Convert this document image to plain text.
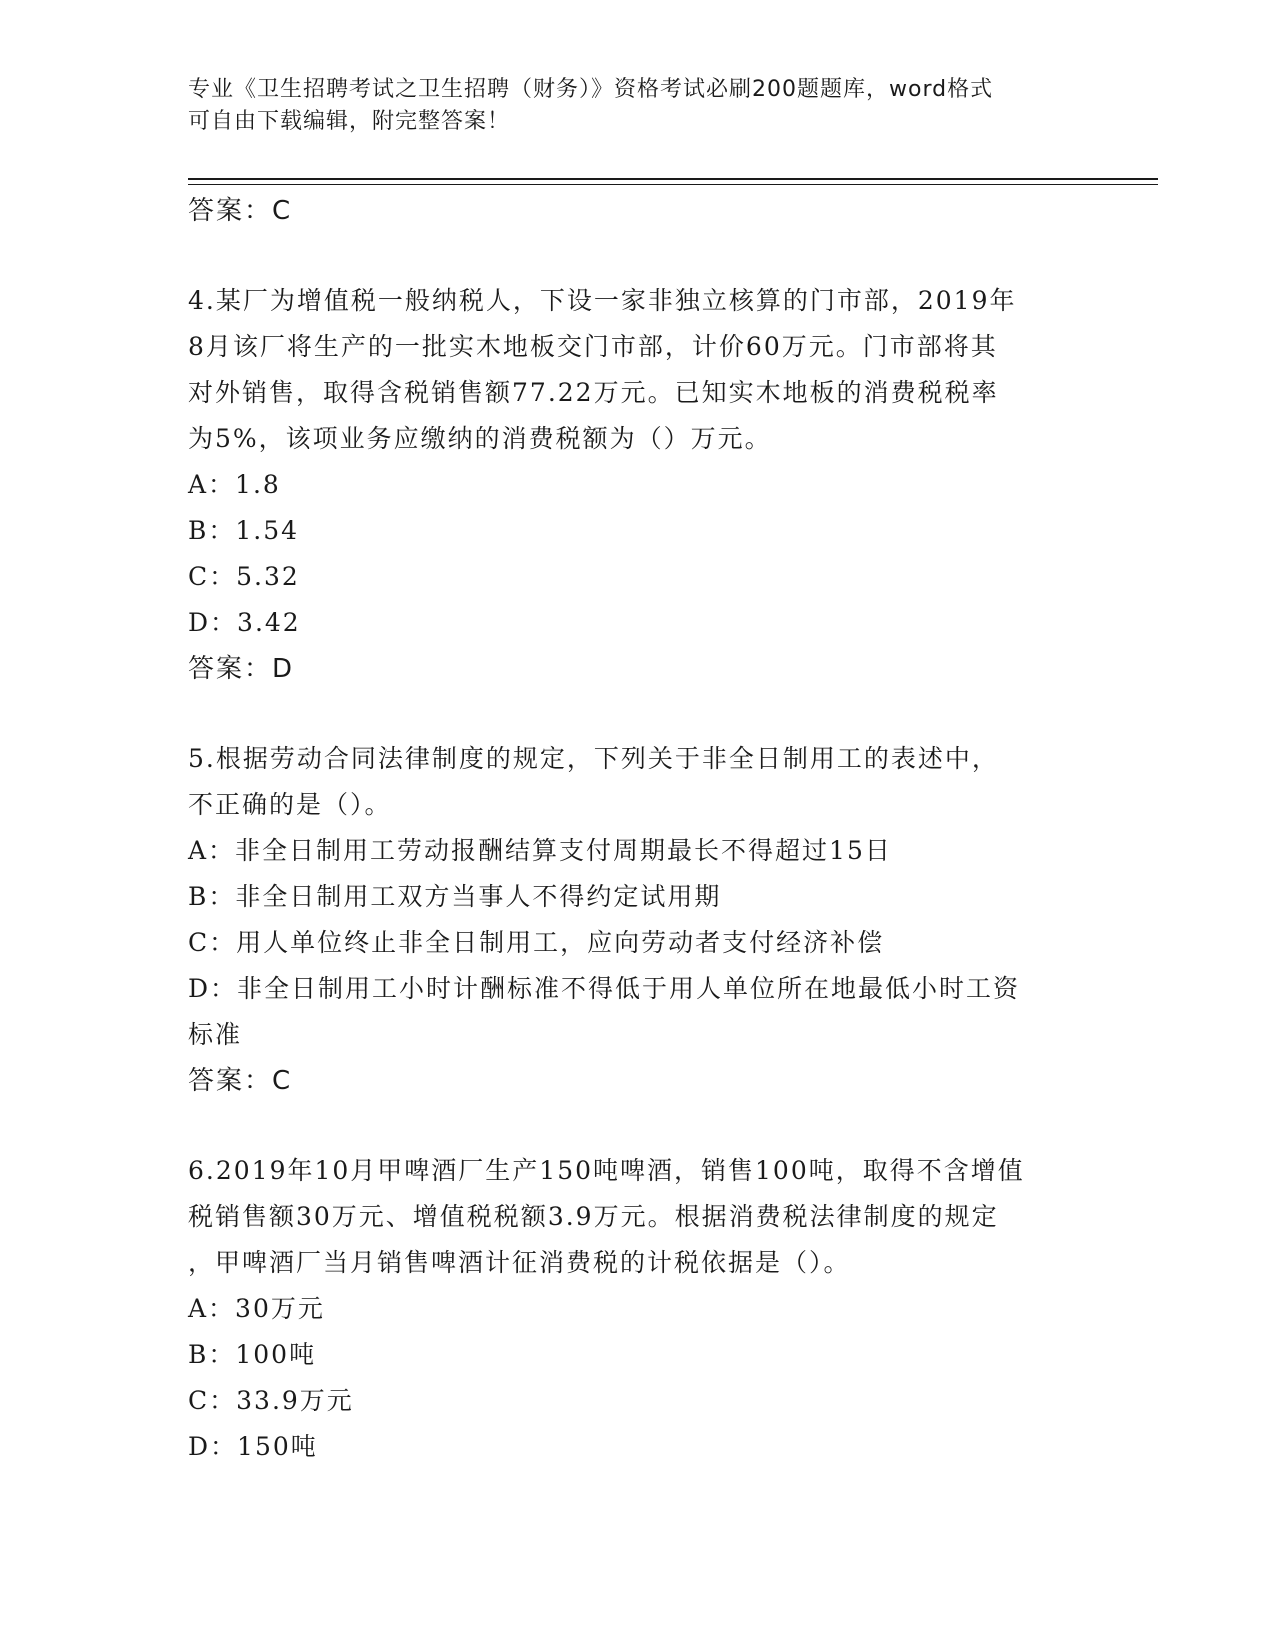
专业《卫生招聘考试之卫生招聘（财务）》资格考试必刷200题题库，word格式
可自由下载编辑，附完整答案！

答案：C

4.某厂为增值税一般纳税人，下设一家非独立核算的门市部，2019年

8月该厂将生产的一批实木地板交门市部，计价60万元。门市部将其

对外销售，取得含税销售额77.22万元。已知实木地板的消费税税率

为5%，该项业务应缴纳的消费税额为（）万元。

A：1.8

B：1.54

C：5.32

D：3.42

答案：D

5.根据劳动合同法律制度的规定，下列关于非全日制用工的表述中，

不正确的是（）。

A：非全日制用工劳动报酬结算支付周期最长不得超过15日

B：非全日制用工双方当事人不得约定试用期

C：用人单位终止非全日制用工，应向劳动者支付经济补偿

D：非全日制用工小时计酬标准不得低于用人单位所在地最低小时工资

标准

答案：C

6.2019年10月甲啤酒厂生产150吨啤酒，销售100吨，取得不含增值

税销售额30万元、增值税税额3.9万元。根据消费税法律制度的规定

，甲啤酒厂当月销售啤酒计征消费税的计税依据是（）。

A：30万元

B：100吨

C：33.9万元

D：150吨
